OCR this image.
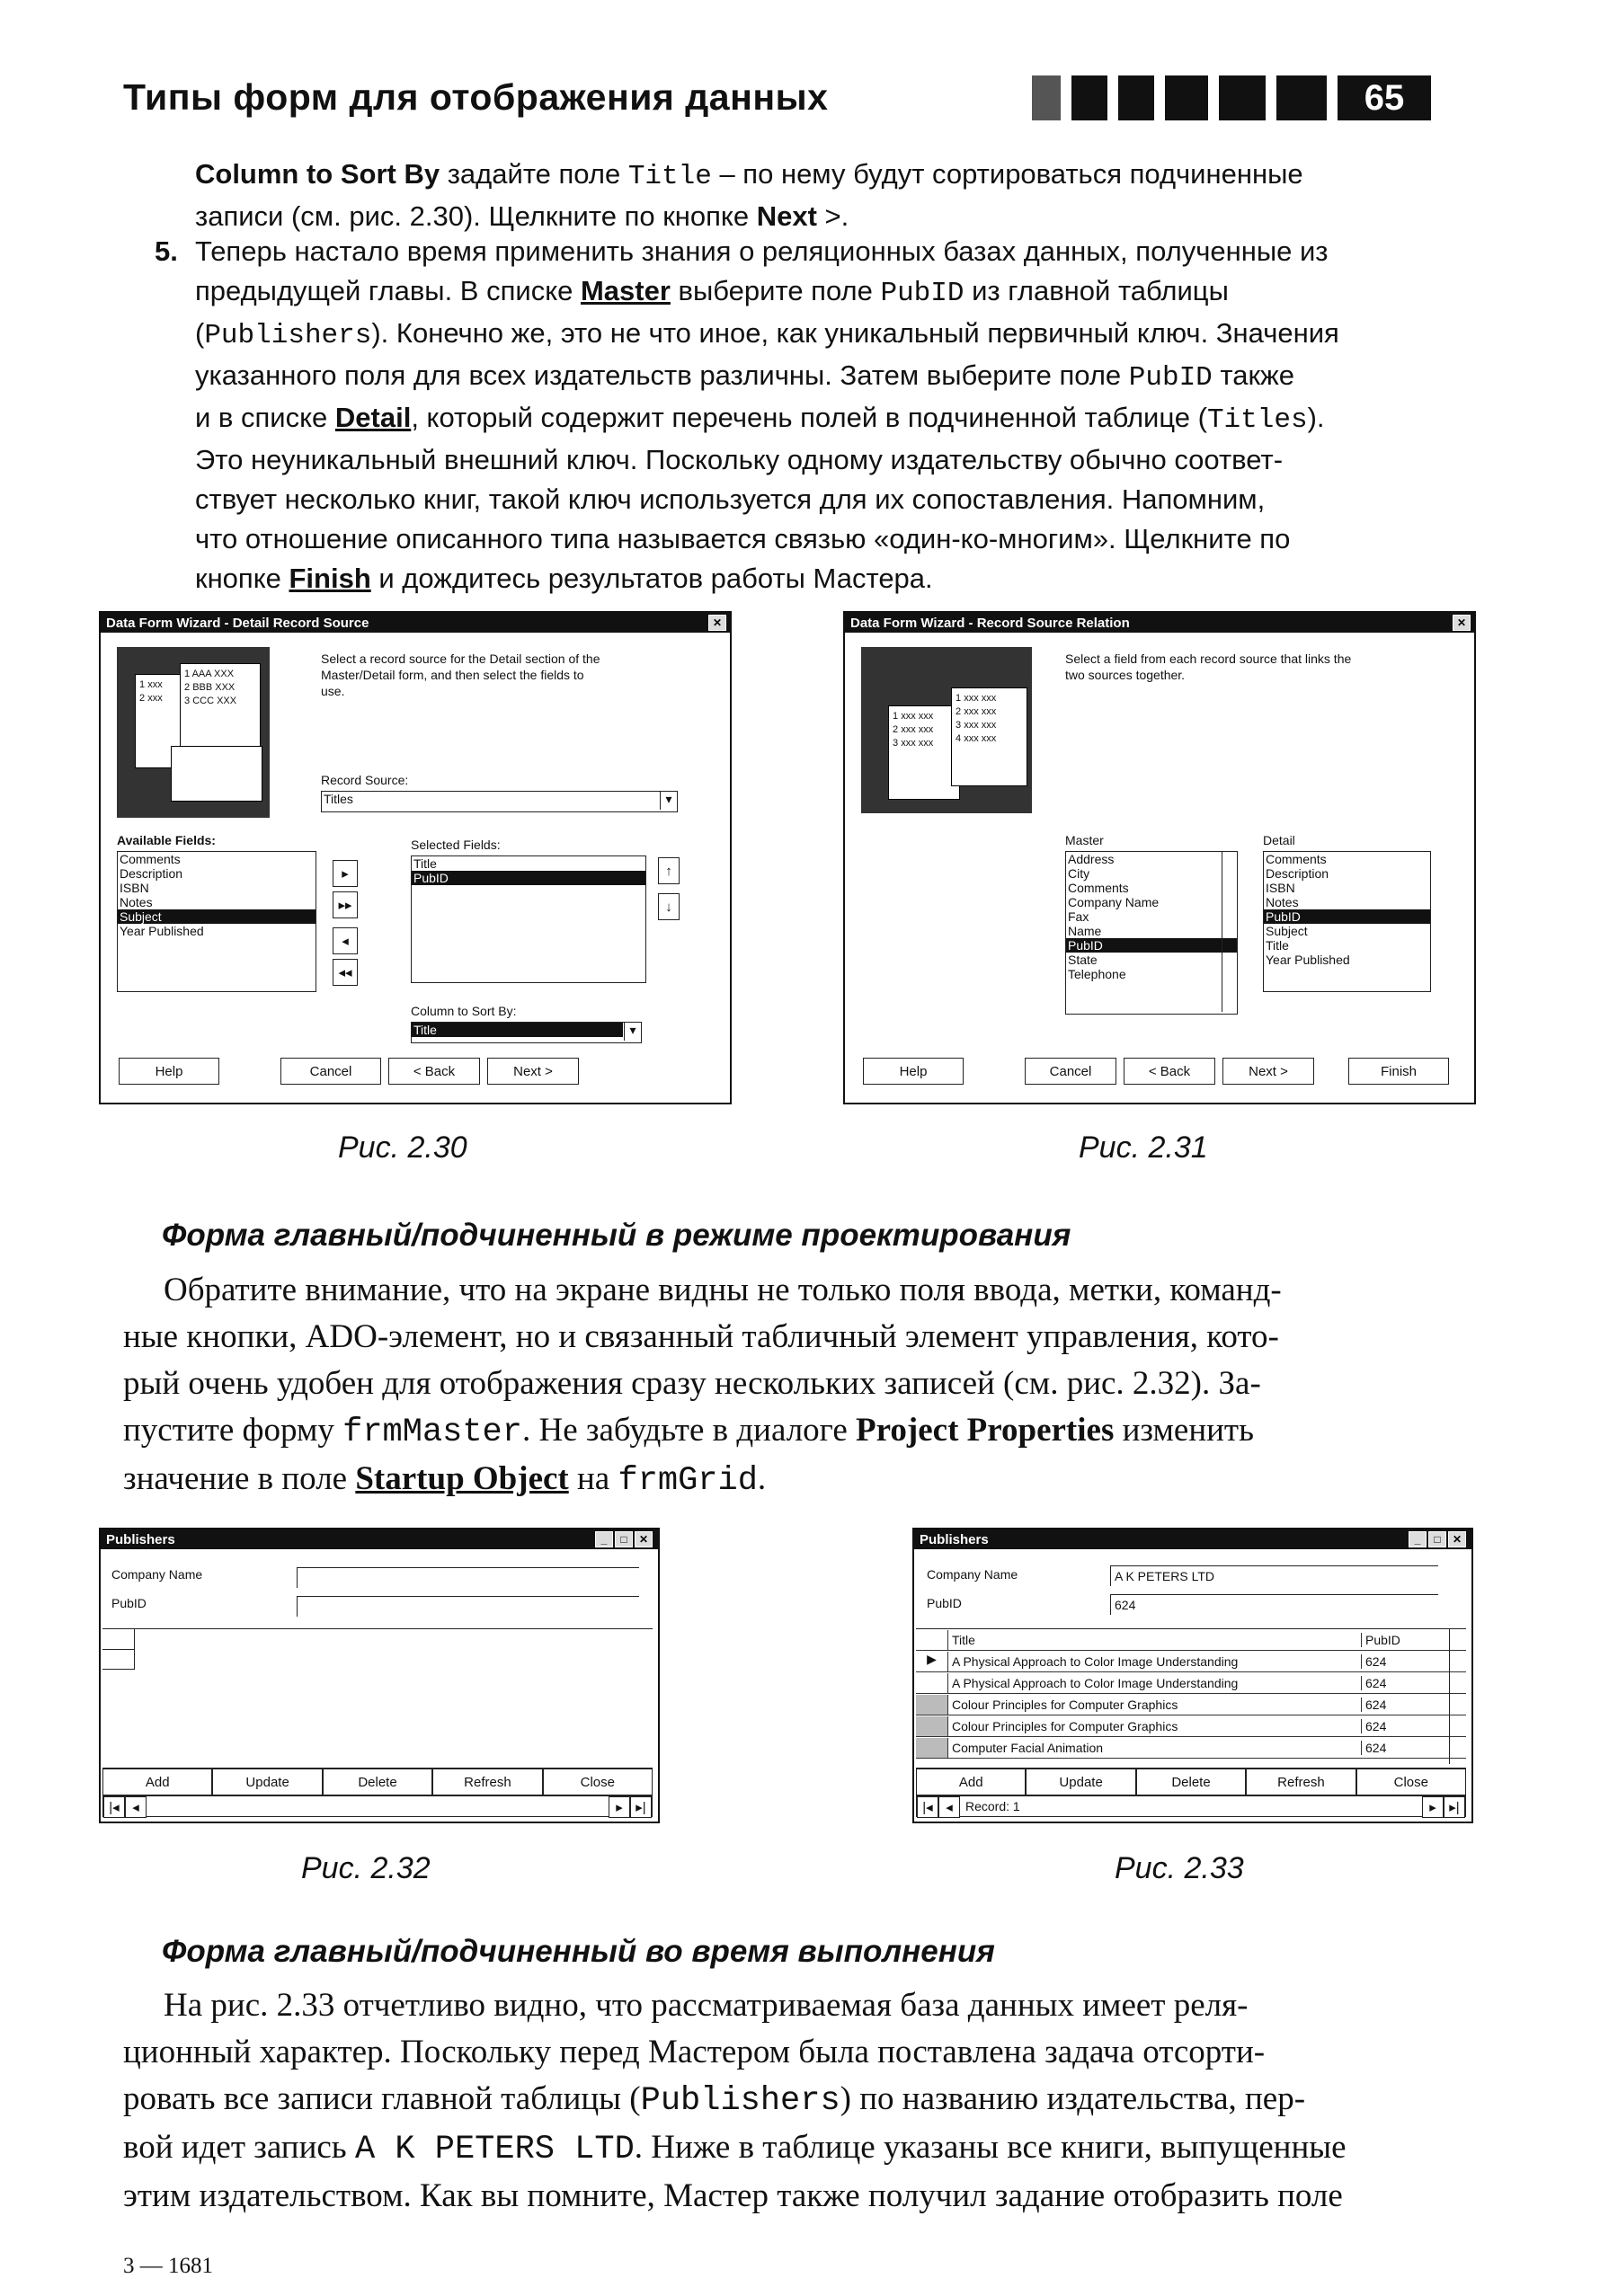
Типы форм для отображения данных	65
Column to Sort By задайте поле Title – по нему будут сортироваться подчиненные
записи (см. рис. 2.30). Щелкните по кнопке Next >.
5. Теперь настало время применить знания о реляционных базах данных, полученные из
предыдущей главы. В списке Master выберите поле PubID из главной таблицы
(Publishers). Конечно же, это не что иное, как уникальный первичный ключ. Значения
указанного поля для всех издательств различны. Затем выберите поле PubID также
и в списке Detail, который содержит перечень полей в подчиненной таблице (Titles).
Это неуникальный внешний ключ. Поскольку одному издательству обычно соответ-
ствует несколько книг, такой ключ используется для их сопоставления. Напомним,
что отношение описанного типа называется связью «один-ко-многим». Щелкните по
кнопке Finish и дождитесь результатов работы Мастера.
Data Form Wizard - Detail Record Source	✕
1 xxx
2 xxx
1 AAA XXX
2 BBB XXX
3 CCC XXX
Select a record source for the Detail section of the
Master/Detail form, and then select the fields to
use.
Record Source:
Titles	▾
Available Fields:
Comments
Description
ISBN
Notes
Subject
Year Published
▸
▸▸
◂
◂◂
Selected Fields:
Title
PubID	↑
↓
Column to Sort By:
Title	▾
Help	Cancel	< Back	Next >
Рис. 2.30
Data Form Wizard - Record Source Relation	✕
1 xxx xxx
2 xxx xxx
3 xxx xxx
1 xxx xxx
2 xxx xxx
3 xxx xxx
4 xxx xxx
Select a field from each record source that links the
two sources together.
Master
Address
City
Comments
Company Name
Fax
Name
PubID
State
Telephone
Detail
Comments
Description
ISBN
Notes
PubID
Subject
Title
Year Published
Help	Cancel	< Back	Next >	Finish
Рис. 2.31
Форма главный/подчиненный в режиме проектирования
Обратите внимание, что на экране видны не только поля ввода, метки, команд-
ные кнопки, ADO-элемент, но и связанный табличный элемент управления, кото-
рый очень удобен для отображения сразу нескольких записей (см. рис. 2.32). За-
пустите форму frmMaster. Не забудьте в диалоге Project Properties изменить
значение в поле Startup Object на frmGrid.
Publishers	_	□	✕
Company Name
PubID
Add	Update	Delete	Refresh	Close
|◂ ◂	▸ ▸|
Рис. 2.32
Publishers	_	□	✕
Company Name	A K PETERS LTD
PubID	624
Title	PubID
▶	A Physical Approach to Color Image Understanding	624
A Physical Approach to Color Image Understanding	624
Colour Principles for Computer Graphics	624
Colour Principles for Computer Graphics	624
Computer Facial Animation	624
Add	Update	Delete	Refresh	Close
|◂ ◂	Record: 1	▸ ▸|
Рис. 2.33
Форма главный/подчиненный во время выполнения
На рис. 2.33 отчетливо видно, что рассматриваемая база данных имеет реля-
ционный характер. Поскольку перед Мастером была поставлена задача отсорти-
ровать все записи главной таблицы (Publishers) по названию издательства, пер-
вой идет запись A K PETERS LTD. Ниже в таблице указаны все книги, выпущенные
этим издательством. Как вы помните, Мастер также получил задание отобразить поле
3 — 1681
